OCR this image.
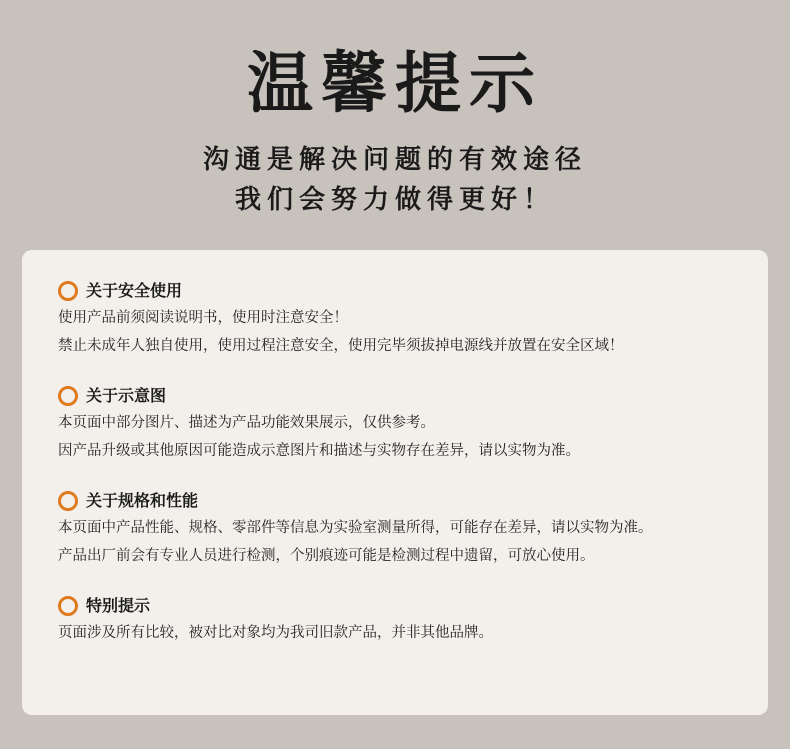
温馨提示
沟通是解决问题的有效途径
我们会努力做得更好！
关于安全使用
使用产品前须阅读说明书，使用时注意安全！
禁止未成年人独自使用，使用过程注意安全，使用完毕须拔掉电源线并放置在安全区域！
关于示意图
本页面中部分图片、描述为产品功能效果展示，仅供参考。
因产品升级或其他原因可能造成示意图片和描述与实物存在差异，请以实物为准。
关于规格和性能
本页面中产品性能、规格、零部件等信息为实验室测量所得，可能存在差异，请以实物为准。
产品出厂前会有专业人员进行检测，个别痕迹可能是检测过程中遗留，可放心使用。
特别提示
页面涉及所有比较，被对比对象均为我司旧款产品，并非其他品牌。
